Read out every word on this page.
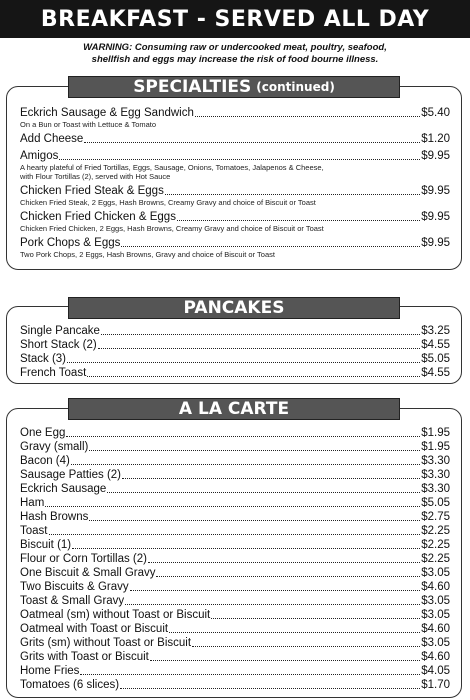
BREAKFAST - SERVED ALL DAY
WARNING: Consuming raw or undercooked meat, poultry, seafood,
shellfish and eggs may increase the risk of food bourne illness.
SPECIALTIES (continued)
Eckrich Sausage & Egg Sandwich	$5.40
On a Bun or Toast with Lettuce & Tomato
Add Cheese	$1.20
Amigos	$9.95
A hearty plateful of Fried Tortillas, Eggs, Sausage, Onions, Tomatoes, Jalapenos & Cheese,
with Flour Tortillas (2), served with Hot Sauce
Chicken Fried Steak & Eggs	$9.95
Chicken Fried Steak, 2 Eggs, Hash Browns, Creamy Gravy and choice of Biscuit or Toast
Chicken Fried Chicken & Eggs	$9.95
Chicken Fried Chicken, 2 Eggs, Hash Browns, Creamy Gravy and choice of Biscuit or Toast
Pork Chops & Eggs	$9.95
Two Pork Chops, 2 Eggs, Hash Browns, Gravy and choice of Biscuit or Toast
PANCAKES
Single Pancake	$3.25
Short Stack (2)	$4.55
Stack (3)	$5.05
French Toast	$4.55
A LA CARTE
One Egg	$1.95
Gravy (small)	$1.95
Bacon (4)	$3.30
Sausage Patties (2)	$3.30
Eckrich Sausage	$3.30
Ham	$5.05
Hash Browns	$2.75
Toast	$2.25
Biscuit (1)	$2.25
Flour or Corn Tortillas (2)	$2.25
One Biscuit & Small Gravy	$3.05
Two Biscuits & Gravy	$4.60
Toast & Small Gravy	$3.05
Oatmeal (sm) without Toast or Biscuit	$3.05
Oatmeal with Toast or Biscuit	$4.60
Grits (sm) without Toast or Biscuit	$3.05
Grits with Toast or Biscuit	$4.60
Home Fries	$4.05
Tomatoes (6 slices)	$1.70
